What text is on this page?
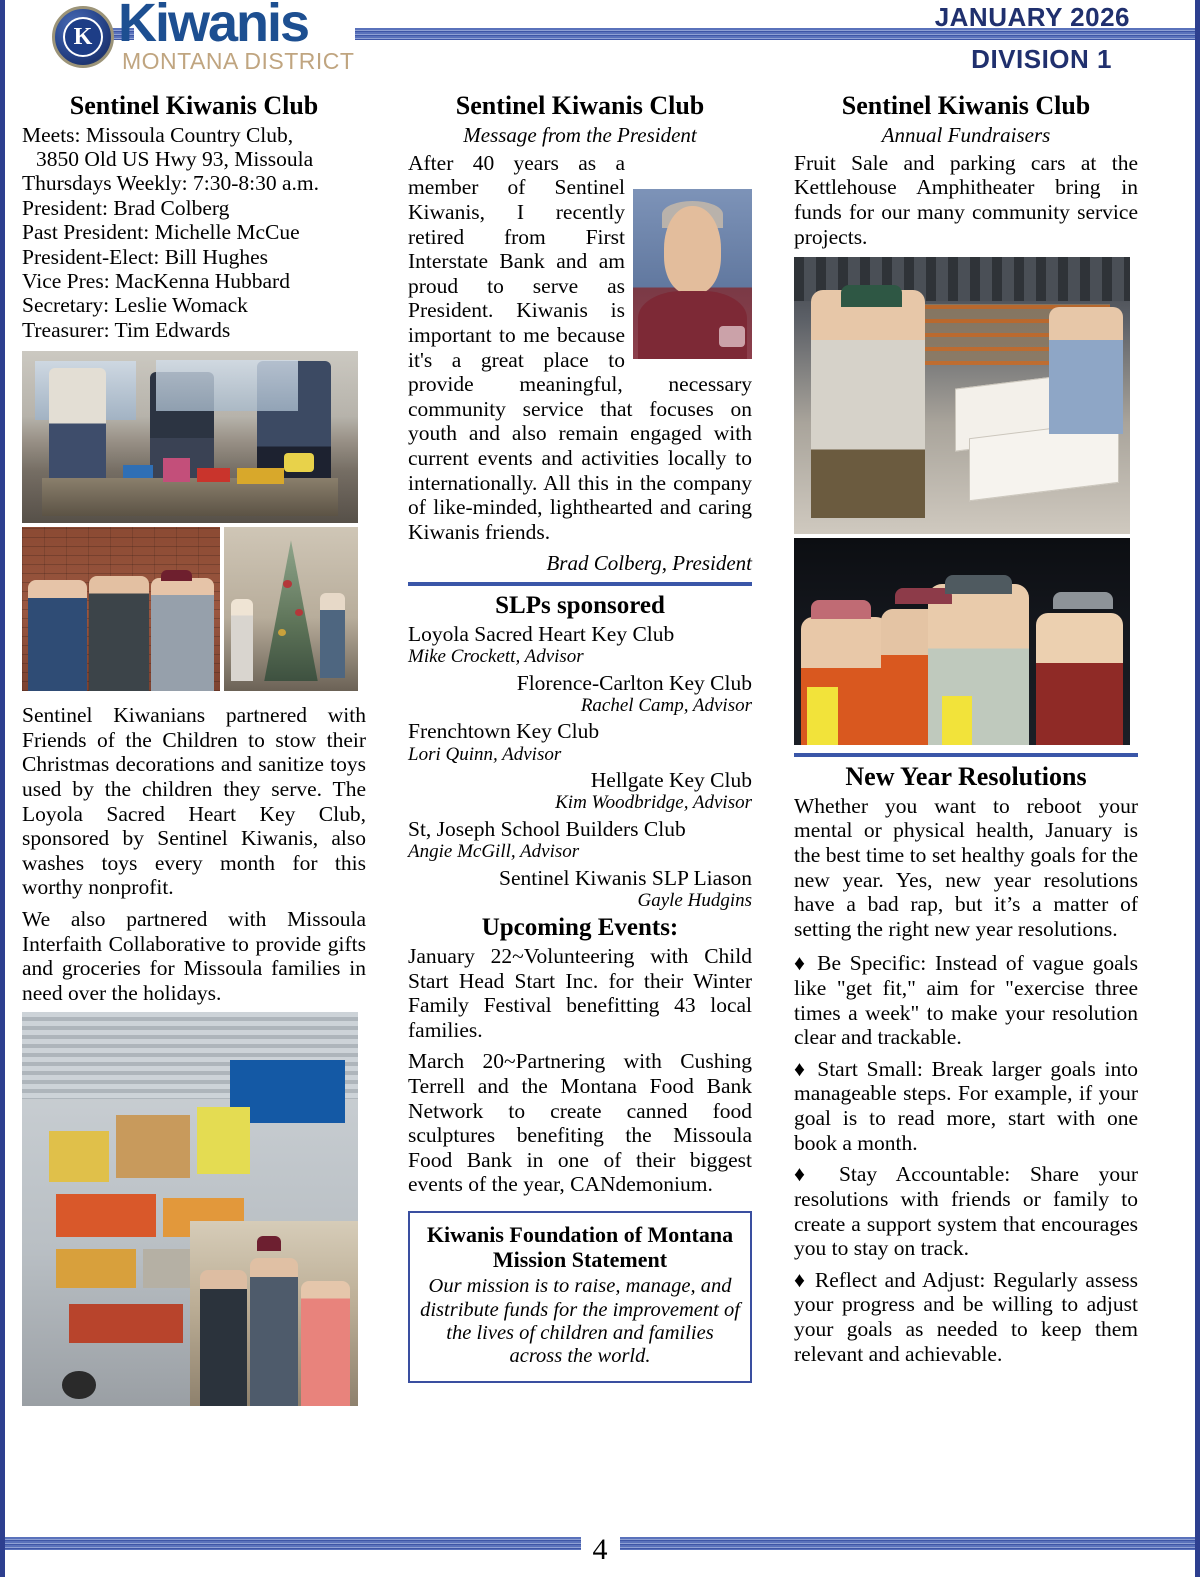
K Kiwanis
MONTANA DISTRICT
JANUARY 2026
DIVISION 1
Sentinel Kiwanis Club
Meets: Missoula Country Club,
3850 Old US Hwy 93, Missoula
Thursdays Weekly: 7:30-8:30 a.m.
President: Brad Colberg
Past President: Michelle McCue
President-Elect: Bill Hughes
Vice Pres: MacKenna Hubbard
Secretary: Leslie Womack
Treasurer: Tim Edwards

Sentinel Kiwanians partnered with Friends of the Children to stow their Christmas decorations and sanitize toys used by the children they serve. The Loyola Sacred Heart Key Club, sponsored by Sentinel Kiwanis, also washes toys every month for this worthy nonprofit.

We also partnered with Missoula Interfaith Collaborative to provide gifts and groceries for Missoula families in need over the holidays.

Sentinel Kiwanis Club
Message from the President

After 40 years as a member of Sentinel Kiwanis, I recently retired from First Interstate Bank and am proud to serve as President. Kiwanis is important to me because it's a great place to provide meaningful, necessary community service that focuses on youth and also remain engaged with current events and activities locally to internationally. All this in the company of like-minded, lighthearted and caring Kiwanis friends.

Brad Colberg, President
SLPs sponsored
Loyola Sacred Heart Key Club
Mike Crockett, Advisor
Florence-Carlton Key Club
Rachel Camp, Advisor
Frenchtown Key Club
Lori Quinn, Advisor
Hellgate Key Club
Kim Woodbridge, Advisor
St, Joseph School Builders Club
Angie McGill, Advisor
Sentinel Kiwanis SLP Liason
Gayle Hudgins
Upcoming Events:

January 22~Volunteering with Child Start Head Start Inc. for their Winter Family Festival benefitting 43 local families.

March 20~Partnering with Cushing Terrell and the Montana Food Bank Network to create canned food sculptures benefiting the Missoula Food Bank in one of their biggest events of the year, CANdemonium.

Kiwanis Foundation of Montana Mission Statement
Our mission is to raise, manage, and distribute funds for the improvement of the lives of children and families across the world.
Sentinel Kiwanis Club
Annual Fundraisers

Fruit Sale and parking cars at the Kettlehouse Amphitheater bring in funds for our many community service projects.

New Year Resolutions

Whether you want to reboot your mental or physical health, January is the best time to set healthy goals for the new year. Yes, new year resolutions have a bad rap, but it’s a matter of setting the right new year resolutions.

♦ Be Specific: Instead of vague goals like "get fit," aim for "exercise three times a week" to make your resolution clear and trackable.

♦ Start Small: Break larger goals into manageable steps. For example, if your goal is to read more, start with one book a month.

♦ Stay Accountable: Share your resolutions with friends or family to create a support system that encourages you to stay on track.

♦ Reflect and Adjust: Regularly assess your progress and be willing to adjust your goals as needed to keep them relevant and achievable.

4
